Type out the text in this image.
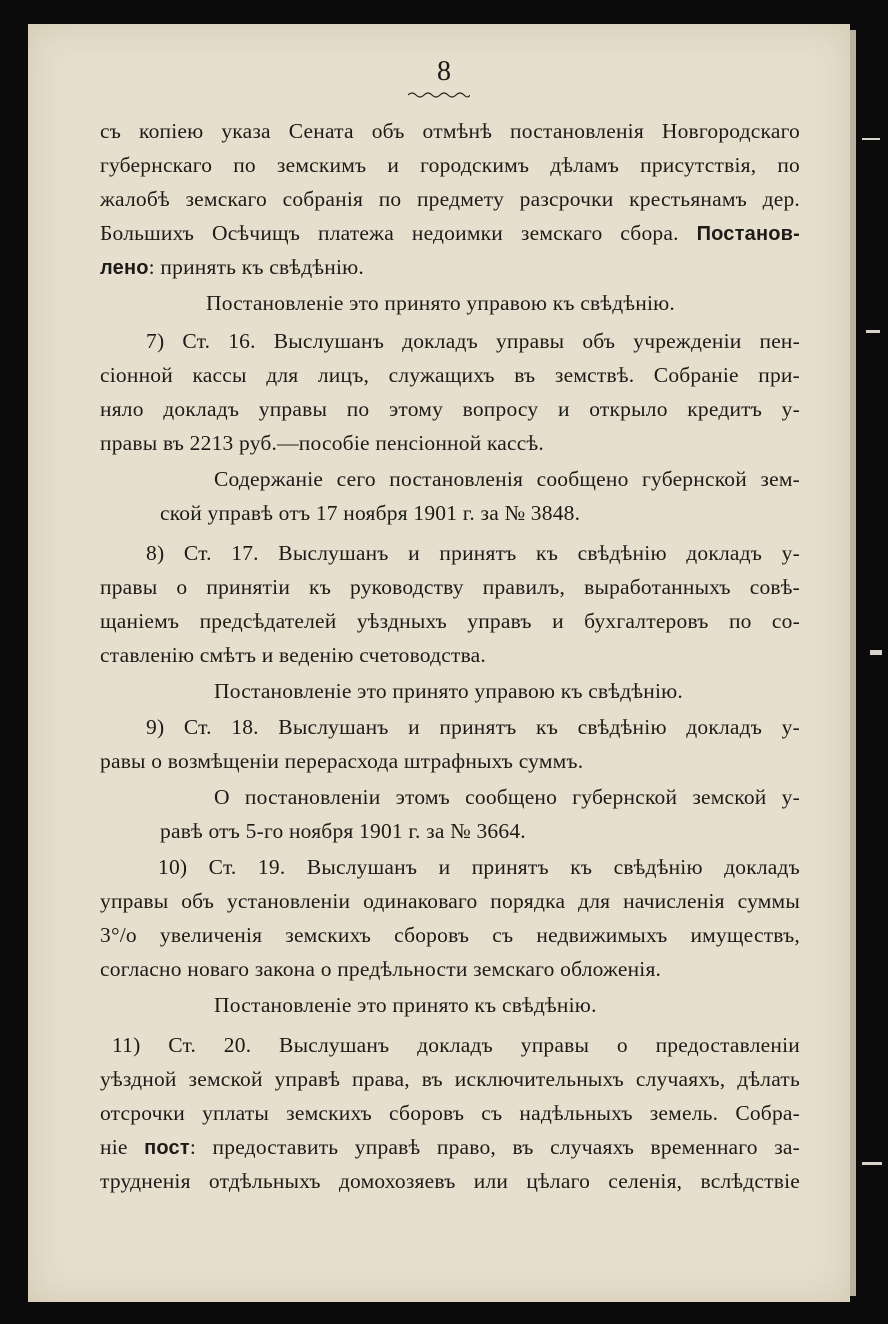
8

съ копіею указа Сената объ отмѣнѣ постановленія Новгородскаго

губернскаго по земскимъ и городскимъ дѣламъ присутствія, по

жалобѣ земскаго собранія по предмету разсрочки крестьянамъ дер.

Большихъ Осѣчищъ платежа недоимки земскаго сбора. Постанов-

лено: принять къ свѣдѣнію.

Постановленіе это принято управою къ свѣдѣнію.

7) Ст. 16. Выслушанъ докладъ управы объ учрежденіи пен-

сіонной кассы для лицъ, служащихъ въ земствѣ. Собраніе при-

няло докладъ управы по этому вопросу и открыло кредитъ у-

правы въ 2213 руб.—пособіе пенсіонной кассѣ.

Содержаніе сего постановленія сообщено губернской зем-

ской управѣ отъ 17 ноября 1901 г. за № 3848.

8) Ст. 17. Выслушанъ и принятъ къ свѣдѣнію докладъ у-

правы о принятіи къ руководству правилъ, выработанныхъ совѣ-

щаніемъ предсѣдателей уѣздныхъ управъ и бухгалтеровъ по со-

ставленію смѣтъ и веденію счетоводства.

Постановленіе это принято управою къ свѣдѣнію.

9) Ст. 18. Выслушанъ и принятъ къ свѣдѣнію докладъ у-

равы о возмѣщеніи перерасхода штрафныхъ суммъ.

О постановленіи этомъ сообщено губернской земской у-

равѣ отъ 5-го ноября 1901 г. за № 3664.

10) Ст. 19. Выслушанъ и принятъ къ свѣдѣнію докладъ

управы объ установленіи одинаковаго порядка для начисленія суммы

3°/o увеличенія земскихъ сборовъ съ недвижимыхъ имуществъ,

согласно новаго закона о предѣльности земскаго обложенія.

Постановленіе это принято къ свѣдѣнію.

11) Ст. 20. Выслушанъ докладъ управы о предоставленіи

уѣздной земской управѣ права, въ исключительныхъ случаяхъ, дѣлать

отсрочки уплаты земскихъ сборовъ съ надѣльныхъ земель. Собра-

ніе пост: предоставить управѣ право, въ случаяхъ временнаго за-

трудненія отдѣльныхъ домохозяевъ или цѣлаго селенія, вслѣдствіе
